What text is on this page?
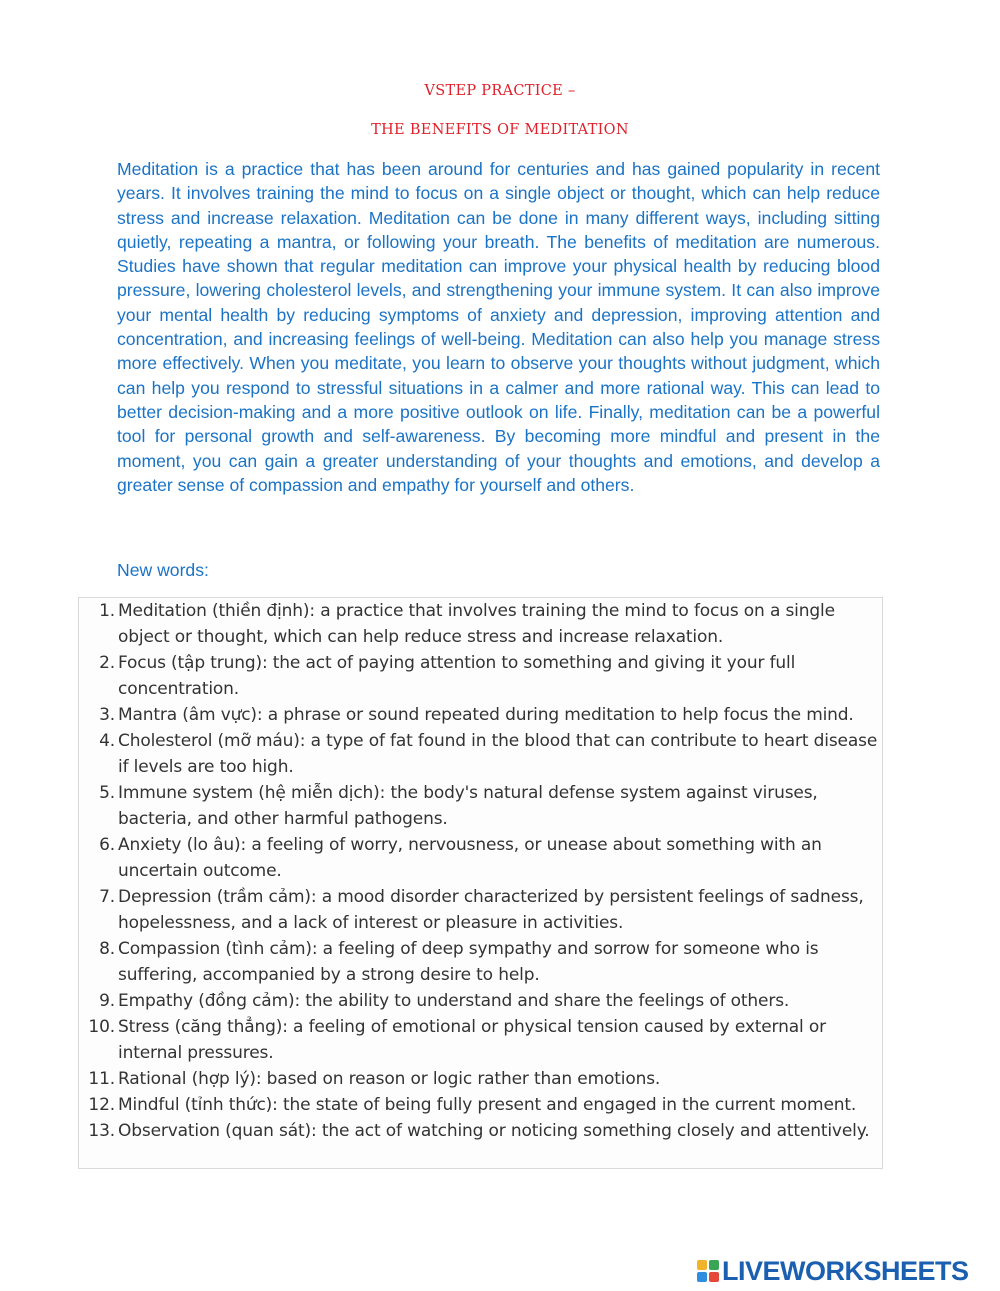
VSTEP PRACTICE –
THE BENEFITS OF MEDITATION

Meditation is a practice that has been around for centuries and has gained popularity in recent years. It involves training the mind to focus on a single object or thought, which can help reduce stress and increase relaxation. Meditation can be done in many different ways, including sitting quietly, repeating a mantra, or following your breath. The benefits of meditation are numerous. Studies have shown that regular meditation can improve your physical health by reducing blood pressure, lowering cholesterol levels, and strengthening your immune system. It can also improve your mental health by reducing symptoms of anxiety and depression, improving attention and concentration, and increasing feelings of well-being. Meditation can also help you manage stress more effectively. When you meditate, you learn to observe your thoughts without judgment, which can help you respond to stressful situations in a calmer and more rational way. This can lead to better decision-making and a more positive outlook on life. Finally, meditation can be a powerful tool for personal growth and self-awareness. By becoming more mindful and present in the moment, you can gain a greater understanding of your thoughts and emotions, and develop a greater sense of compassion and empathy for yourself and others.

New words:
1. Meditation (thiền định): a practice that involves training the mind to focus on a single object or thought, which can help reduce stress and increase relaxation.
2. Focus (tập trung): the act of paying attention to something and giving it your full concentration.
3. Mantra (âm vực): a phrase or sound repeated during meditation to help focus the mind.
4. Cholesterol (mỡ máu): a type of fat found in the blood that can contribute to heart disease if levels are too high.
5. Immune system (hệ miễn dịch): the body's natural defense system against viruses, bacteria, and other harmful pathogens.
6. Anxiety (lo âu): a feeling of worry, nervousness, or unease about something with an uncertain outcome.
7. Depression (trầm cảm): a mood disorder characterized by persistent feelings of sadness, hopelessness, and a lack of interest or pleasure in activities.
8. Compassion (tình cảm): a feeling of deep sympathy and sorrow for someone who is suffering, accompanied by a strong desire to help.
9. Empathy (đồng cảm): the ability to understand and share the feelings of others.
10. Stress (căng thẳng): a feeling of emotional or physical tension caused by external or internal pressures.
11. Rational (hợp lý): based on reason or logic rather than emotions.
12. Mindful (tỉnh thức): the state of being fully present and engaged in the current moment.
13. Observation (quan sát): the act of watching or noticing something closely and attentively.
LIVEWORKSHEETS
